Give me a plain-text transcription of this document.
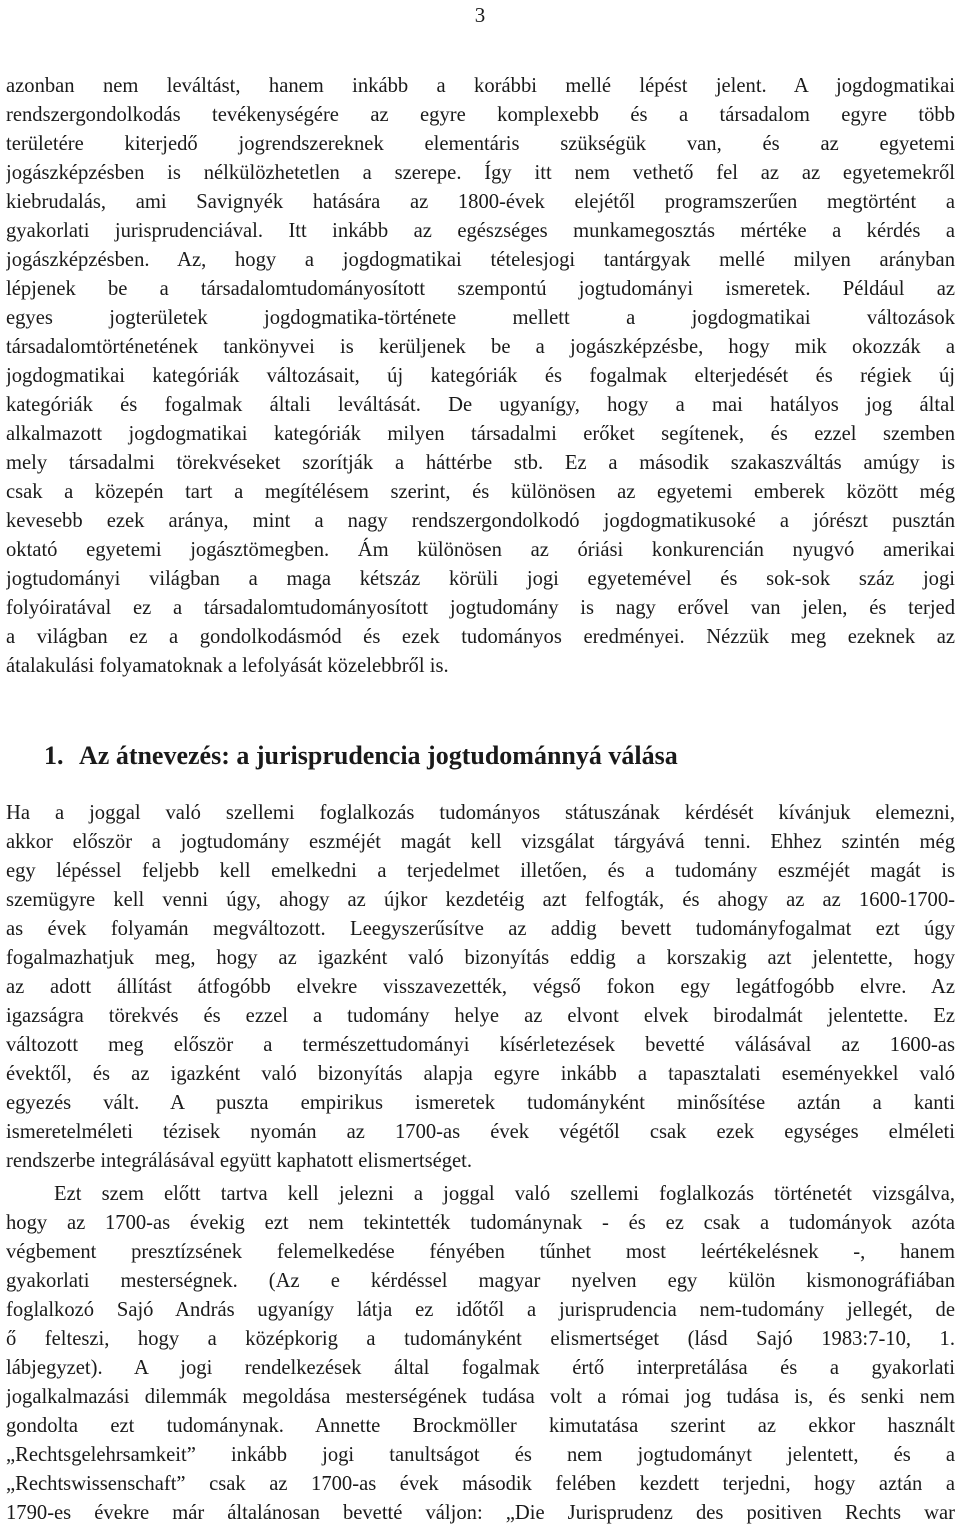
3
azonban nem leváltást, hanem inkább a korábbi mellé lépést jelent. A jogdogmatikai
rendszergondolkodás tevékenységére az egyre komplexebb és a társadalom egyre több
területére kiterjedő jogrendszereknek elementáris szükségük van, és az egyetemi
jogászképzésben is nélkülözhetetlen a szerepe. Így itt nem vethető fel az az egyetemekről
kiebrudalás, ami Savignyék hatására az 1800-évek elejétől programszerűen megtörtént a
gyakorlati jurisprudenciával. Itt inkább az egészséges munkamegosztás mértéke a kérdés a
jogászképzésben. Az, hogy a jogdogmatikai tételesjogi tantárgyak mellé milyen arányban
lépjenek be a társadalomtudományosított szempontú jogtudományi ismeretek. Például az
egyes jogterületek jogdogmatika-története mellett a jogdogmatikai változások
társadalomtörténetének tankönyvei is kerüljenek be a jogászképzésbe, hogy mik okozzák a
jogdogmatikai kategóriák változásait, új kategóriák és fogalmak elterjedését és régiek új
kategóriák és fogalmak általi leváltását. De ugyanígy, hogy a mai hatályos jog által
alkalmazott jogdogmatikai kategóriák milyen társadalmi erőket segítenek, és ezzel szemben
mely társadalmi törekvéseket szorítják a háttérbe stb. Ez a második szakaszváltás amúgy is
csak a közepén tart a megítélésem szerint, és különösen az egyetemi emberek között még
kevesebb ezek aránya, mint a nagy rendszergondolkodó jogdogmatikusoké a jórészt pusztán
oktató egyetemi jogásztömegben. Ám különösen az óriási konkurencián nyugvó amerikai
jogtudományi világban a maga kétszáz körüli jogi egyetemével és sok-sok száz jogi
folyóiratával ez a társadalomtudományosított jogtudomány is nagy erővel van jelen, és terjed
a világban ez a gondolkodásmód és ezek tudományos eredményei. Nézzük meg ezeknek az
átalakulási folyamatoknak a lefolyását közelebbről is.
1. Az átnevezés: a jurisprudencia jogtudománnyá válása
Ha a joggal való szellemi foglalkozás tudományos státuszának kérdését kívánjuk elemezni,
akkor először a jogtudomány eszméjét magát kell vizsgálat tárgyává tenni. Ehhez szintén még
egy lépéssel feljebb kell emelkedni a terjedelmet illetően, és a tudomány eszméjét magát is
szemügyre kell venni úgy, ahogy az újkor kezdetéig azt felfogták, és ahogy az az 1600-1700-
as évek folyamán megváltozott. Leegyszerűsítve az addig bevett tudományfogalmat ezt úgy
fogalmazhatjuk meg, hogy az igazként való bizonyítás eddig a korszakig azt jelentette, hogy
az adott állítást átfogóbb elvekre visszavezették, végső fokon egy legátfogóbb elvre. Az
igazságra törekvés és ezzel a tudomány helye az elvont elvek birodalmát jelentette. Ez
változott meg először a természettudományi kísérletezések bevetté válásával az 1600-as
évektől, és az igazként való bizonyítás alapja egyre inkább a tapasztalati eseményekkel való
egyezés vált. A puszta empirikus ismeretek tudományként minősítése aztán a kanti
ismeretelméleti tézisek nyomán az 1700-as évek végétől csak ezek egységes elméleti
rendszerbe integrálásával együtt kaphatott elismertséget.
Ezt szem előtt tartva kell jelezni a joggal való szellemi foglalkozás történetét vizsgálva,
hogy az 1700-as évekig ezt nem tekintették tudománynak - és ez csak a tudományok azóta
végbement presztízsének felemelkedése fényében tűnhet most leértékelésnek -, hanem
gyakorlati mesterségnek. (Az e kérdéssel magyar nyelven egy külön kismonográfiában
foglalkozó Sajó András ugyanígy látja ez időtől a jurisprudencia nem-tudomány jellegét, de
ő felteszi, hogy a középkorig a tudományként elismertséget (lásd Sajó 1983:7-10, 1.
lábjegyzet). A jogi rendelkezések által fogalmak értő interpretálása és a gyakorlati
jogalkalmazási dilemmák megoldása mesterségének tudása volt a római jog tudása is, és senki nem
gondolta ezt tudománynak. Annette Brockmöller kimutatása szerint az ekkor használt
„Rechtsgelehrsamkeit” inkább jogi tanultságot és nem jogtudományt jelentett, és a
„Rechtswissenschaft” csak az 1700-as évek második felében kezdett terjedni, hogy aztán a
1790-es évekre már általánosan bevetté váljon: „Die Jurisprudenz des positiven Rechts war
